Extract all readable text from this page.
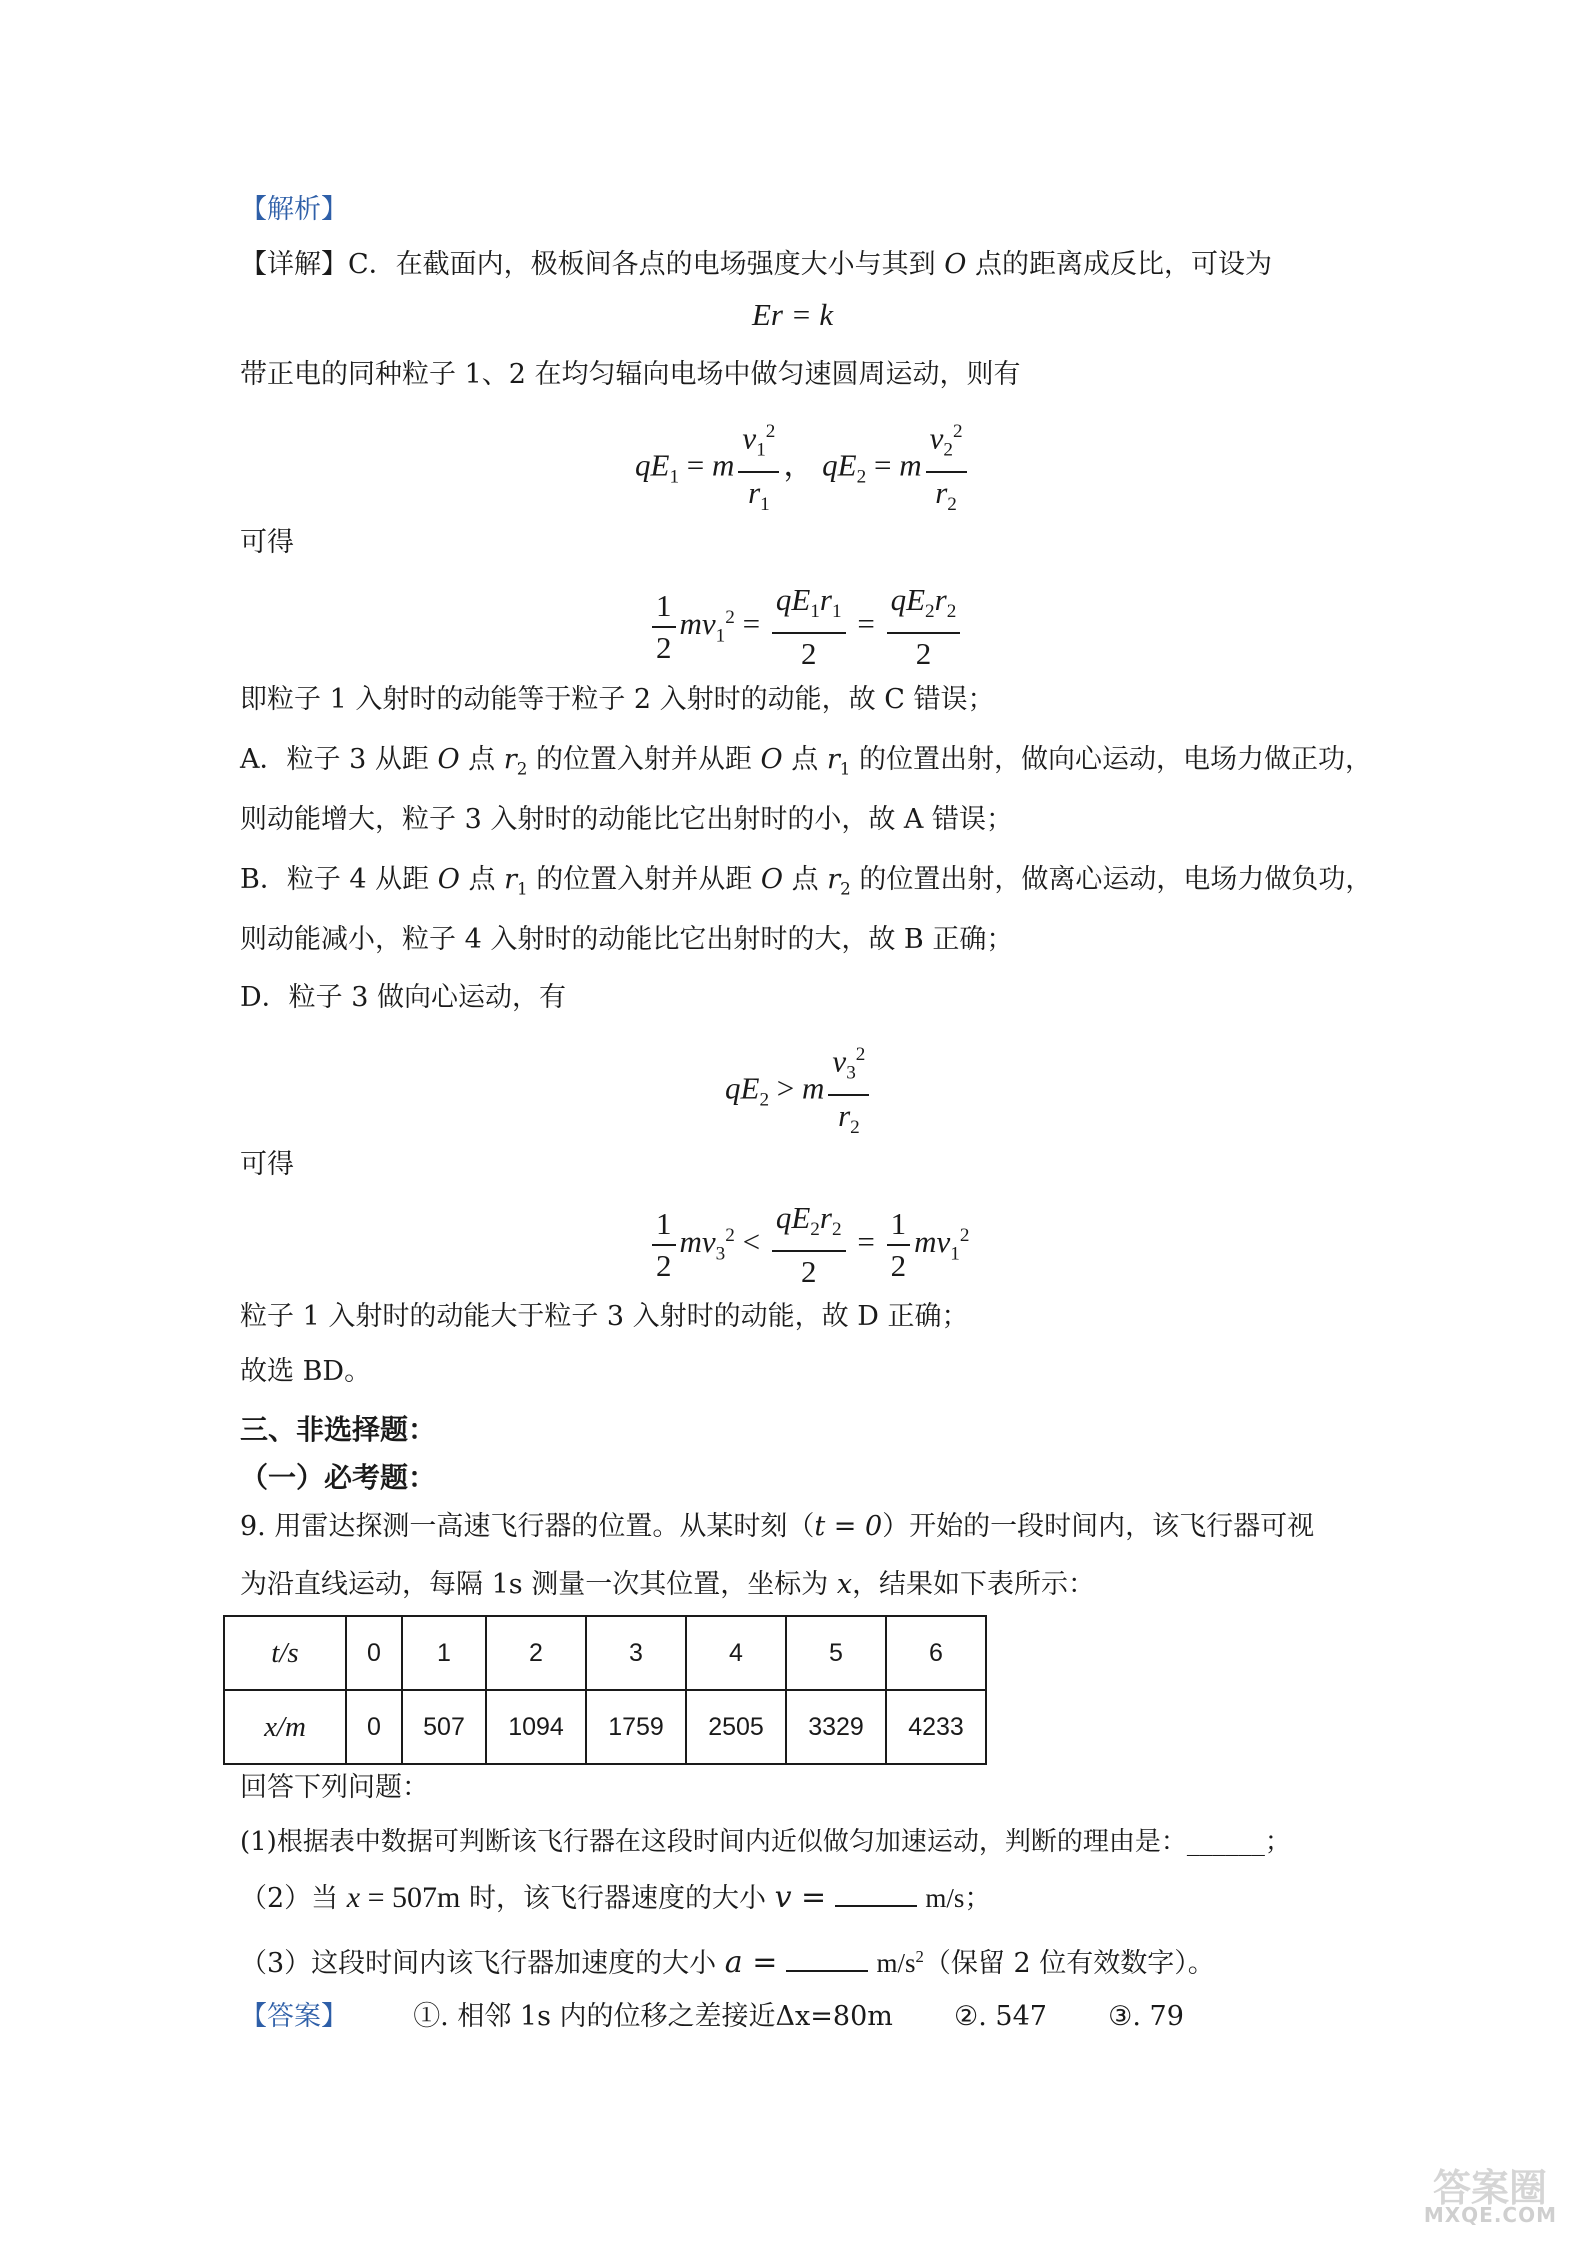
【解析】
【详解】C．在截面内，极板间各点的电场强度大小与其到 O 点的距离成反比，可设为
Er = k
带正电的同种粒子 1、2 在均匀辐向电场中做匀速圆周运动，则有
$qE_1 = m \frac{v_1^2}{r_1}$ ， $qE_2 = m \frac{v_2^2}{r_2}$
可得
$\frac{1}{2} mv_1^2 = \frac{qE_1r_1}{2} = \frac{qE_2r_2}{2}$
即粒子 1 入射时的动能等于粒子 2 入射时的动能，故 C 错误；
A．粒子 3 从距 O 点 $r_2$ 的位置入射并从距 O 点 $r_1$ 的位置出射，做向心运动，电场力做正功，
则动能增大，粒子 3 入射时的动能比它出射时的小，故 A 错误；
B．粒子 4 从距 O 点 $r_1$ 的位置入射并从距 O 点 $r_2$ 的位置出射，做离心运动，电场力做负功，
则动能减小，粒子 4 入射时的动能比它出射时的大，故 B 正确；
D．粒子 3 做向心运动，有
$qE_2 > m \frac{v_3^2}{r_2}$
可得
$\frac{1}{2} mv_3^2 < \frac{qE_2r_2}{2} = \frac{1}{2} mv_1^2$
粒子 1 入射时的动能大于粒子 3 入射时的动能，故 D 正确；
故选 BD。
三、非选择题：
（一）必考题：
9. 用雷达探测一高速飞行器的位置。从某时刻（t = 0）开始的一段时间内，该飞行器可视
为沿直线运动，每隔 1s 测量一次其位置，坐标为 x，结果如下表所示：
t/s	0	1	2	3	4	5	6
x/m	0	507	1094	1759	2505	3329	4233
回答下列问题：
(1)根据表中数据可判断该飞行器在这段时间内近似做匀加速运动，判断的理由是：______；
（2）当 x = 507m 时，该飞行器速度的大小 v =	m/s；
（3）这段时间内该飞行器加速度的大小 a =	$m/s^2$（保留 2 位有效数字）。
【答案】 ①. 相邻 1s 内的位移之差接近Δx=80m ②. 547 ③. 79
答案圈
MXQE.COM
